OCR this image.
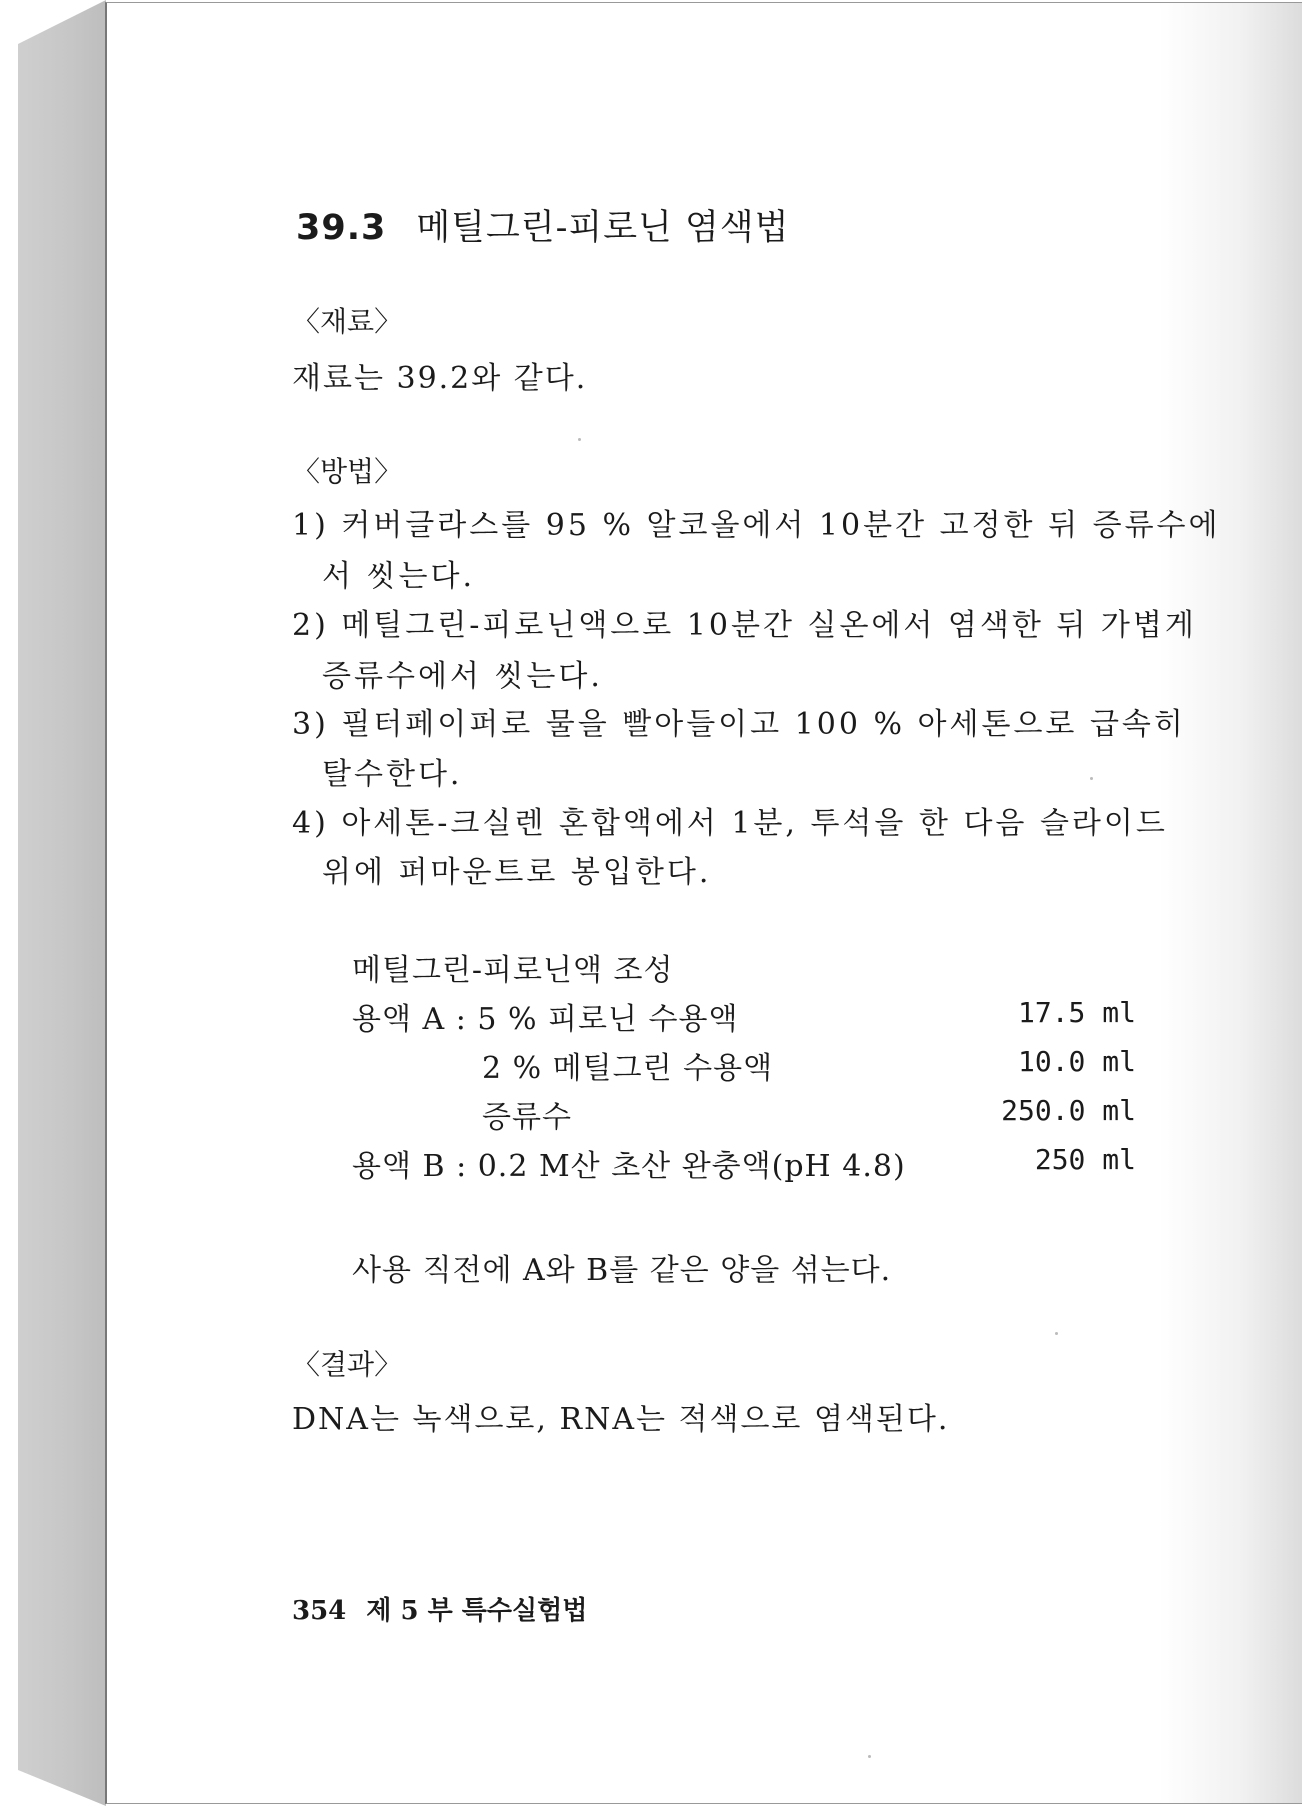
39.3 메틸그린-피로닌 염색법
〈재료〉
재료는 39.2와 같다.
〈방법〉
1) 커버글라스를 95 % 알코올에서 10분간 고정한 뒤 증류수에
서 씻는다.
2) 메틸그린-피로닌액으로 10분간 실온에서 염색한 뒤 가볍게
증류수에서 씻는다.
3) 필터페이퍼로 물을 빨아들이고 100 % 아세톤으로 급속히
탈수한다.
4) 아세톤-크실렌 혼합액에서 1분, 투석을 한 다음 슬라이드
위에 퍼마운트로 봉입한다.
메틸그린-피로닌액 조성
용액 A : 5 % 피로닌 수용액	17.5 ml
2 % 메틸그린 수용액	10.0 ml
증류수	250.0 ml
용액 B : 0.2 M산 초산 완충액(pH 4.8)	250 ml
사용 직전에 A와 B를 같은 양을 섞는다.
〈결과〉
DNA는 녹색으로, RNA는 적색으로 염색된다.
354 제 5 부 특수실험법
